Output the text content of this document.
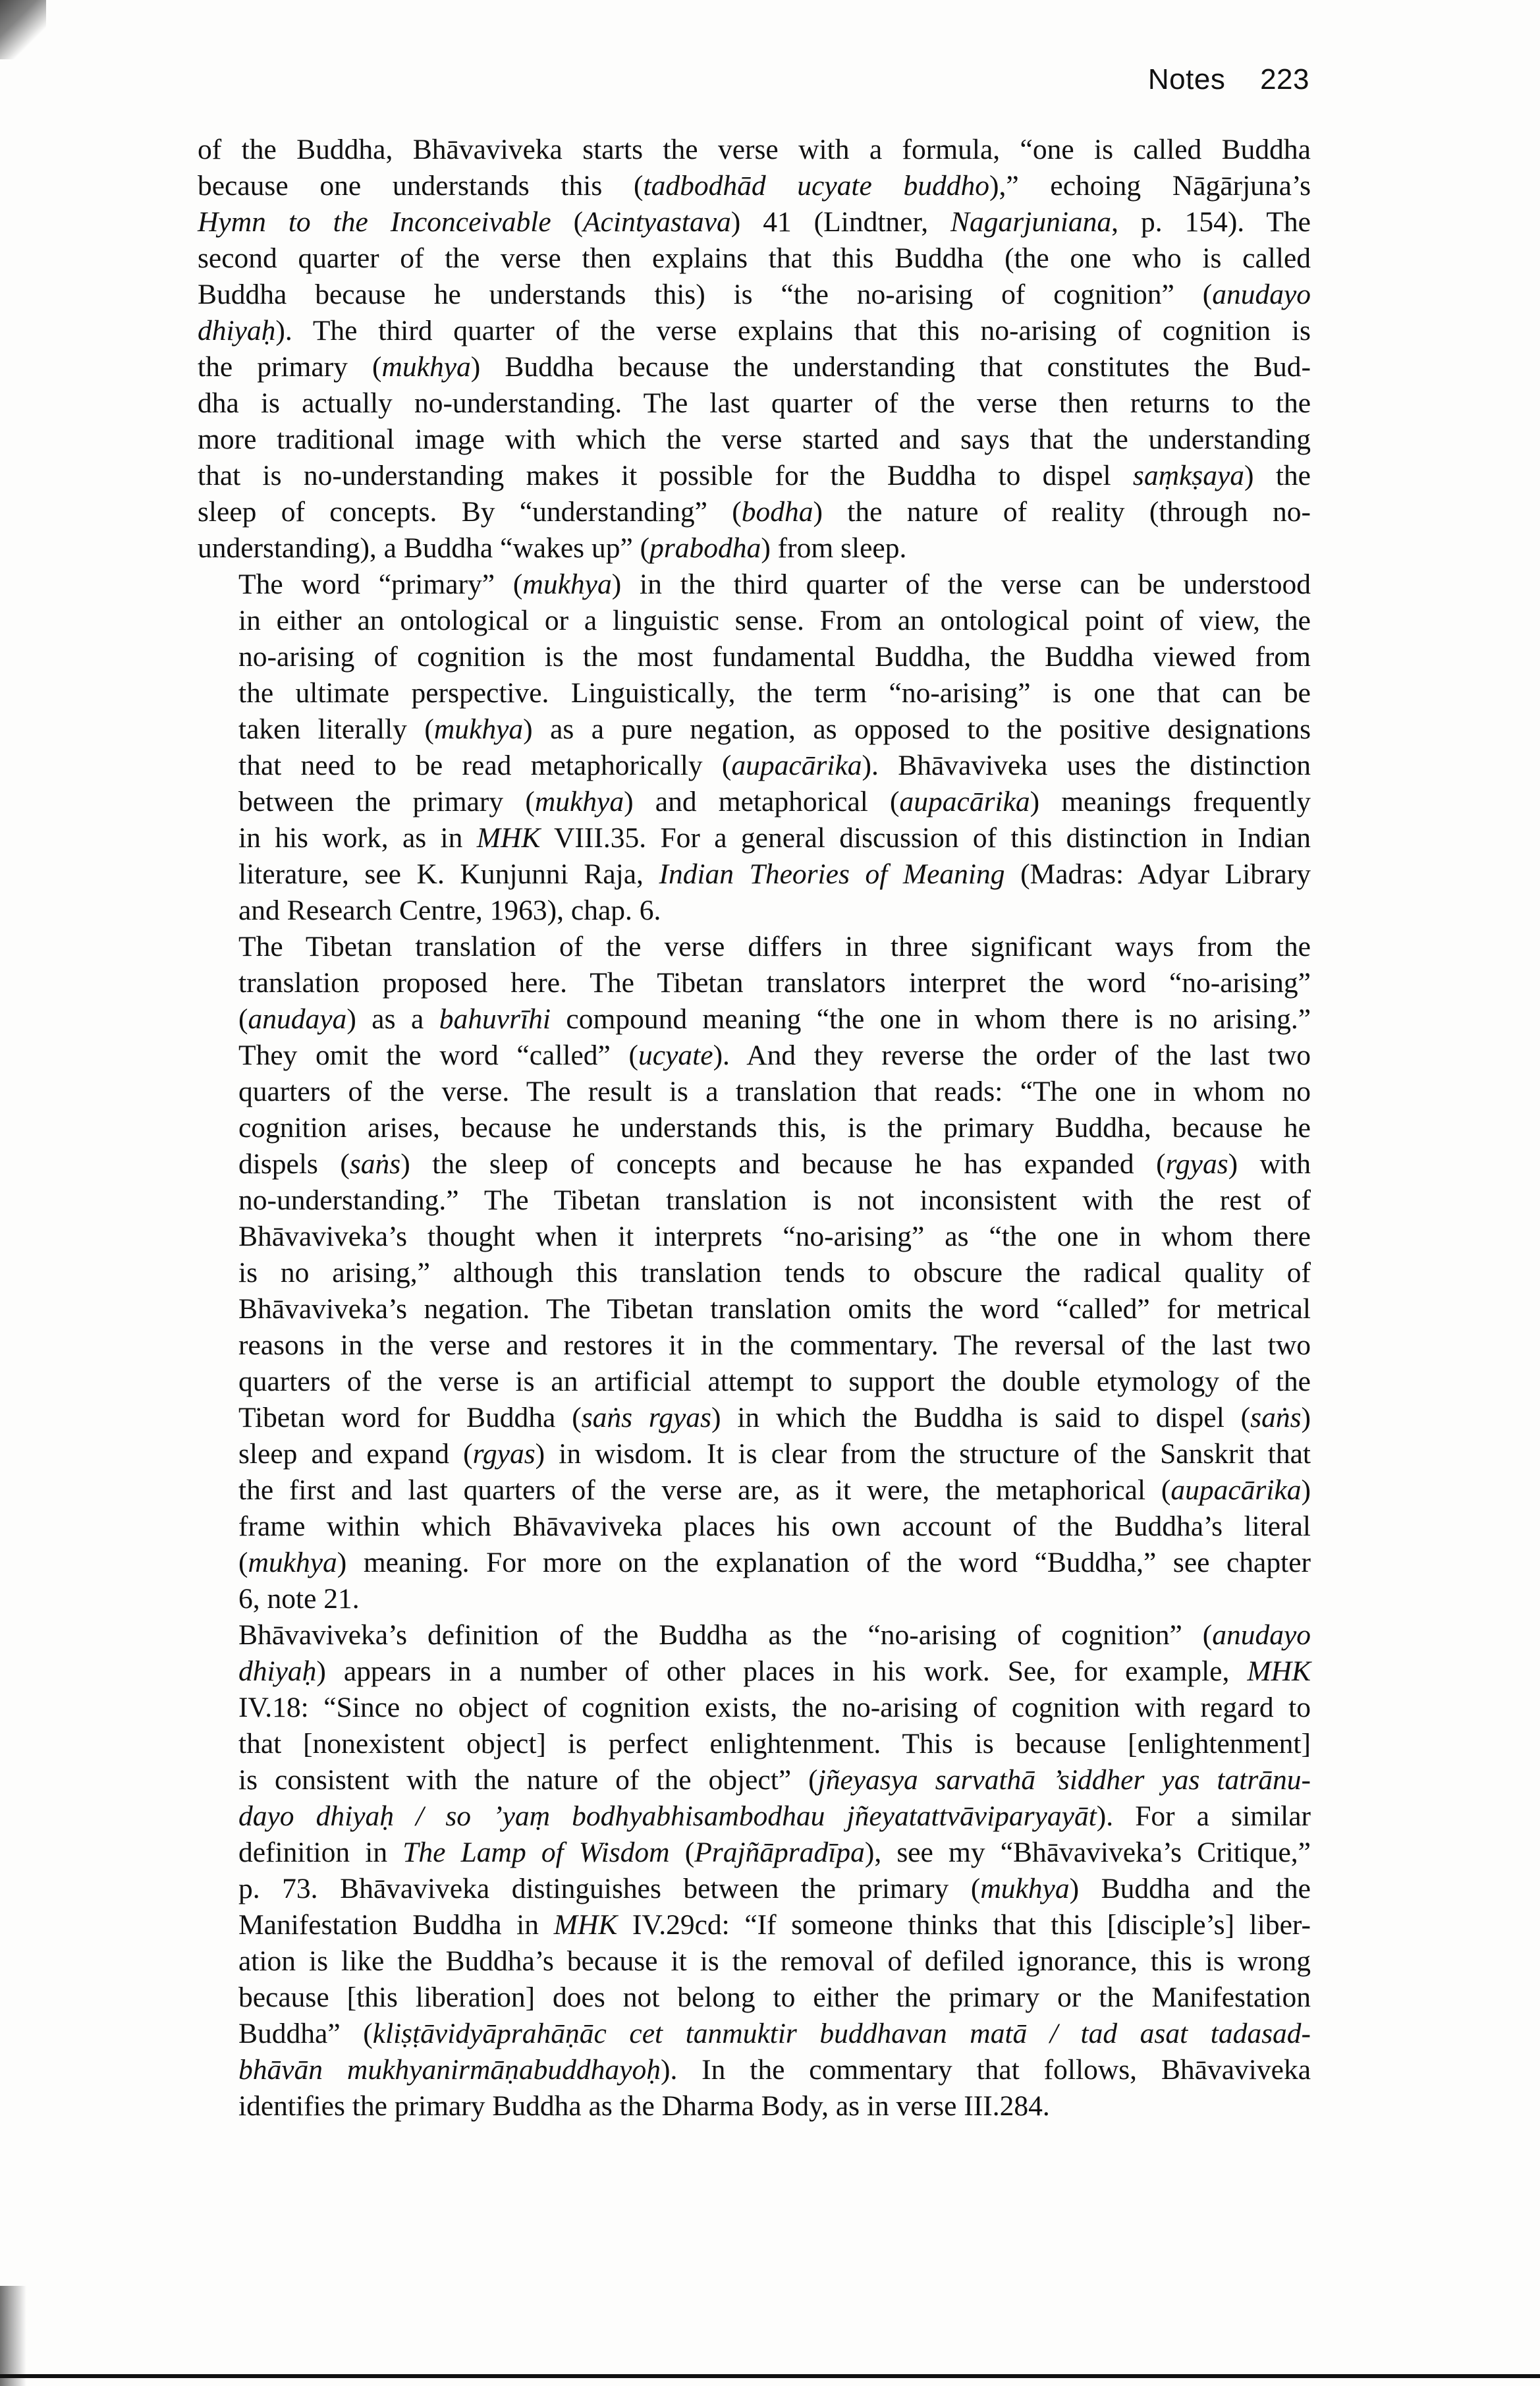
Notes 223

of the Buddha, Bhāvaviveka starts the verse with a formula, “one is called Buddha
because one understands this (tadbodhād ucyate buddho),” echoing Nāgārjuna’s
Hymn to the Inconceivable (Acintyastava) 41 (Lindtner, Nagarjuniana, p. 154). The
second quarter of the verse then explains that this Buddha (the one who is called
Buddha because he understands this) is “the no-arising of cognition” (anudayo
dhiyaḥ). The third quarter of the verse explains that this no-arising of cognition is
the primary (mukhya) Buddha because the understanding that constitutes the Bud-
dha is actually no-understanding. The last quarter of the verse then returns to the
more traditional image with which the verse started and says that the understanding
that is no-understanding makes it possible for the Buddha to dispel saṃkṣaya) the
sleep of concepts. By “understanding” (bodha) the nature of reality (through no-
understanding), a Buddha “wakes up” (prabodha) from sleep.

The word “primary” (mukhya) in the third quarter of the verse can be understood
in either an ontological or a linguistic sense. From an ontological point of view, the
no-arising of cognition is the most fundamental Buddha, the Buddha viewed from
the ultimate perspective. Linguistically, the term “no-arising” is one that can be
taken literally (mukhya) as a pure negation, as opposed to the positive designations
that need to be read metaphorically (aupacārika). Bhāvaviveka uses the distinction
between the primary (mukhya) and metaphorical (aupacārika) meanings frequently
in his work, as in MHK VIII.35. For a general discussion of this distinction in Indian
literature, see K. Kunjunni Raja, Indian Theories of Meaning (Madras: Adyar Library
and Research Centre, 1963), chap. 6.

The Tibetan translation of the verse differs in three significant ways from the
translation proposed here. The Tibetan translators interpret the word “no-arising”
(anudaya) as a bahuvrīhi compound meaning “the one in whom there is no arising.”
They omit the word “called” (ucyate). And they reverse the order of the last two
quarters of the verse. The result is a translation that reads: “The one in whom no
cognition arises, because he understands this, is the primary Buddha, because he
dispels (saṅs) the sleep of concepts and because he has expanded (rgyas) with
no-understanding.” The Tibetan translation is not inconsistent with the rest of
Bhāvaviveka’s thought when it interprets “no-arising” as “the one in whom there
is no arising,” although this translation tends to obscure the radical quality of
Bhāvaviveka’s negation. The Tibetan translation omits the word “called” for metrical
reasons in the verse and restores it in the commentary. The reversal of the last two
quarters of the verse is an artificial attempt to support the double etymology of the
Tibetan word for Buddha (saṅs rgyas) in which the Buddha is said to dispel (saṅs)
sleep and expand (rgyas) in wisdom. It is clear from the structure of the Sanskrit that
the first and last quarters of the verse are, as it were, the metaphorical (aupacārika)
frame within which Bhāvaviveka places his own account of the Buddha’s literal
(mukhya) meaning. For more on the explanation of the word “Buddha,” see chapter
6, note 21.

Bhāvaviveka’s definition of the Buddha as the “no-arising of cognition” (anudayo
dhiyaḥ) appears in a number of other places in his work. See, for example, MHK
IV.18: “Since no object of cognition exists, the no-arising of cognition with regard to
that [nonexistent object] is perfect enlightenment. This is because [enlightenment]
is consistent with the nature of the object” (jñeyasya sarvathā ’siddher yas tatrānu-
dayo dhiyaḥ / so ’yaṃ bodhyabhisambodhau jñeyatattvāviparyayāt). For a similar
definition in The Lamp of Wisdom (Prajñāpradīpa), see my “Bhāvaviveka’s Critique,”
p. 73. Bhāvaviveka distinguishes between the primary (mukhya) Buddha and the
Manifestation Buddha in MHK IV.29cd: “If someone thinks that this [disciple’s] liber-
ation is like the Buddha’s because it is the removal of defiled ignorance, this is wrong
because [this liberation] does not belong to either the primary or the Manifestation
Buddha” (kliṣṭāvidyāprahāṇāc cet tanmuktir buddhavan matā / tad asat tadasad-
bhāvān mukhyanirmāṇabuddhayoḥ). In the commentary that follows, Bhāvaviveka
identifies the primary Buddha as the Dharma Body, as in verse III.284.
